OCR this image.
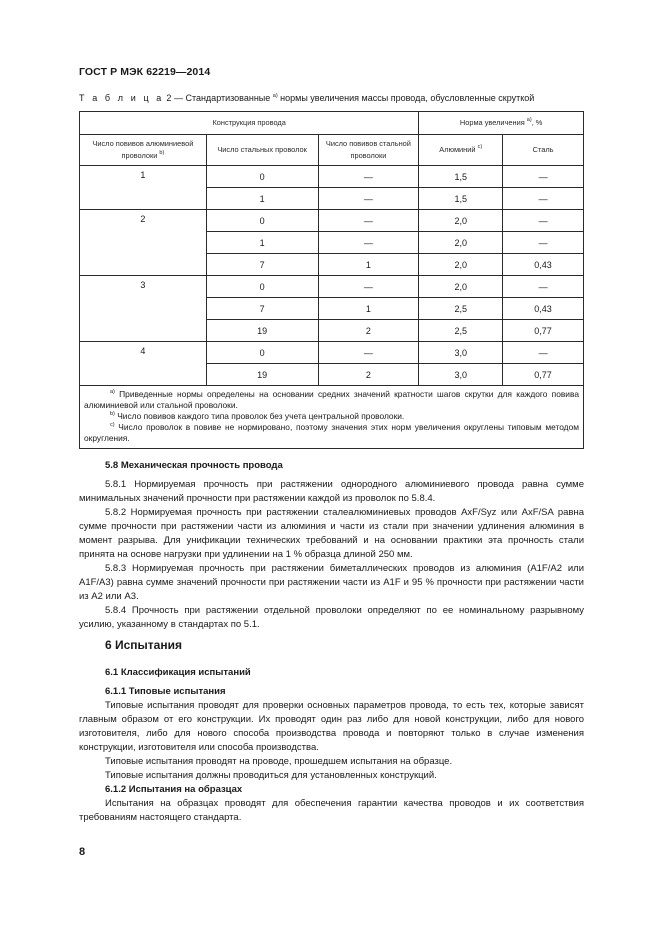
ГОСТ Р МЭК 62219—2014
Т а б л и ц а 2 — Стандартизованные $^{а)}$ нормы увеличения массы провода, обусловленные скруткой
Конструкция провода			Норма увеличения $^{а)}$, %	
Число повивов алюминиевой проволоки $^{b)}$	Число стальных проволок	Число повивов стальной проволоки	Алюминий $^{с)}$	Сталь
1	0	—	1,5	—
	1	—	1,5	—
2	0	—	2,0	—
	1	—	2,0	—
	7	1	2,0	0,43
3	0	—	2,0	—
	7	1	2,5	0,43
	19	2	2,5	0,77
4	0	—	3,0	—
	19	2	3,0	0,77

$^{а)}$ Приведенные нормы определены на основании средних значений кратности шагов скрутки для каждого повива алюминиевой или стальной проволоки.

$^{b)}$ Число повивов каждого типа проволок без учета центральной проволоки.

$^{с)}$ Число проволок в повиве не нормировано, поэтому значения этих норм увеличения округлены типовым методом округления.				

5.8 Механическая прочность провода

5.8.1 Нормируемая прочность при растяжении однородного алюминиевого провода равна сумме минимальных значений прочности при растяжении каждой из проволок по 5.8.4.

5.8.2 Нормируемая прочность при растяжении сталеалюминиевых проводов AxF/Syz или AxF/SA равна сумме прочности при растяжении части из алюминия и части из стали при значении удлинения алюминия в момент разрыва. Для унификации технических требований и на основании практики эта прочность стали принята на основе нагрузки при удлинении на 1 % образца длиной 250 мм.

5.8.3 Нормируемая прочность при растяжении биметаллических проводов из алюминия (A1F/A2 или A1F/A3) равна сумме значений прочности при растяжении части из A1F и 95 % прочности при растяжении части из A2 или A3.

5.8.4 Прочность при растяжении отдельной проволоки определяют по ее номинальному разрывному усилию, указанному в стандартах по 5.1.

6 Испытания
6.1 Классификация испытаний
6.1.1 Типовые испытания

Типовые испытания проводят для проверки основных параметров провода, то есть тех, которые зависят главным образом от его конструкции. Их проводят один раз либо для новой конструкции, либо для нового изготовителя, либо для нового способа производства провода и повторяют только в случае изменения конструкции, изготовителя или способа производства.

Типовые испытания проводят на проводе, прошедшем испытания на образце.

Типовые испытания должны проводиться для установленных конструкций.

6.1.2 Испытания на образцах

Испытания на образцах проводят для обеспечения гарантии качества проводов и их соответствия требованиям настоящего стандарта.

8
